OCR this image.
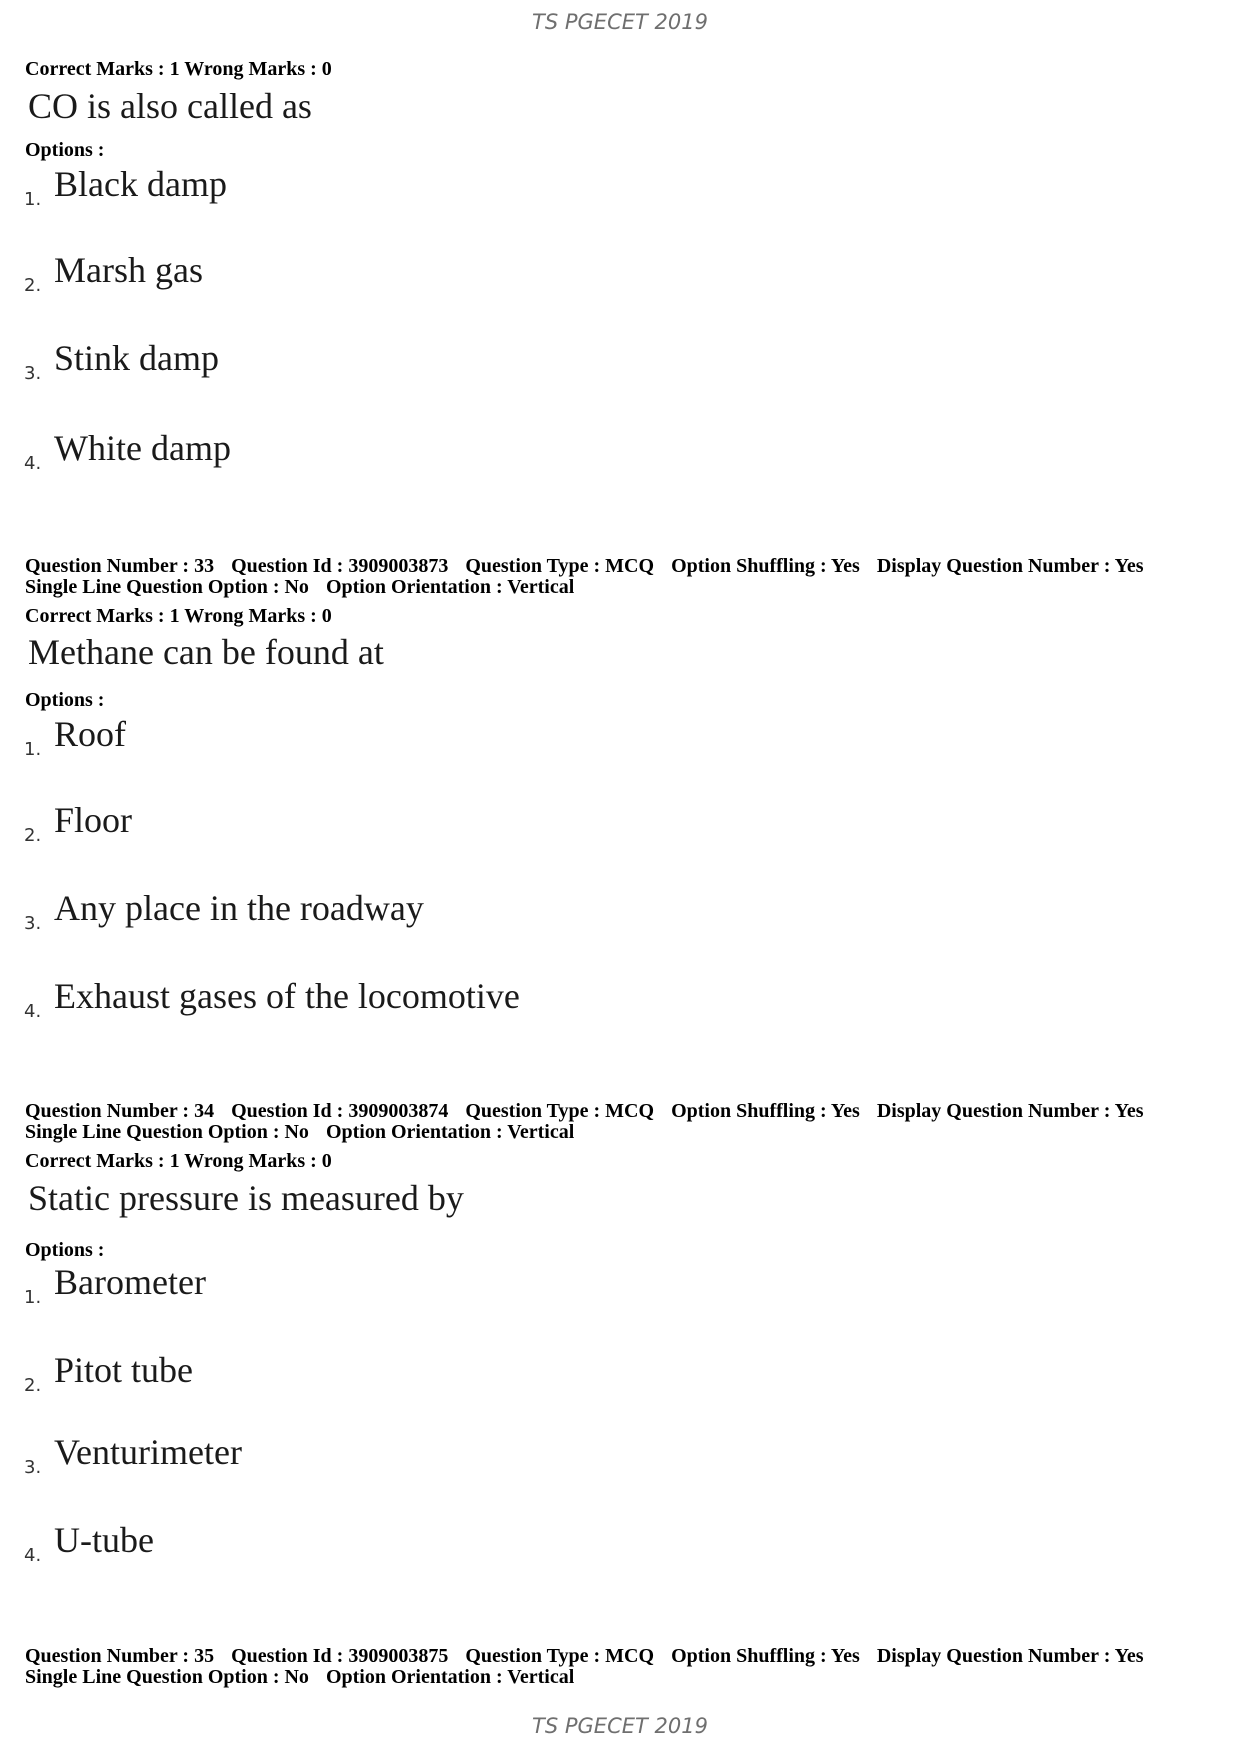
TS PGECET 2019
Correct Marks : 1 Wrong Marks : 0
CO is also called as
Options :
1. Black damp
2. Marsh gas
3. Stink damp
4. White damp
Question Number : 33 Question Id : 3909003873 Question Type : MCQ Option Shuffling : Yes Display Question Number : Yes
Single Line Question Option : No Option Orientation : Vertical
Correct Marks : 1 Wrong Marks : 0
Methane can be found at
Options :
1. Roof
2. Floor
3. Any place in the roadway
4. Exhaust gases of the locomotive
Question Number : 34 Question Id : 3909003874 Question Type : MCQ Option Shuffling : Yes Display Question Number : Yes
Single Line Question Option : No Option Orientation : Vertical
Correct Marks : 1 Wrong Marks : 0
Static pressure is measured by
Options :
1. Barometer
2. Pitot tube
3. Venturimeter
4. U-tube
Question Number : 35 Question Id : 3909003875 Question Type : MCQ Option Shuffling : Yes Display Question Number : Yes
Single Line Question Option : No Option Orientation : Vertical
TS PGECET 2019
